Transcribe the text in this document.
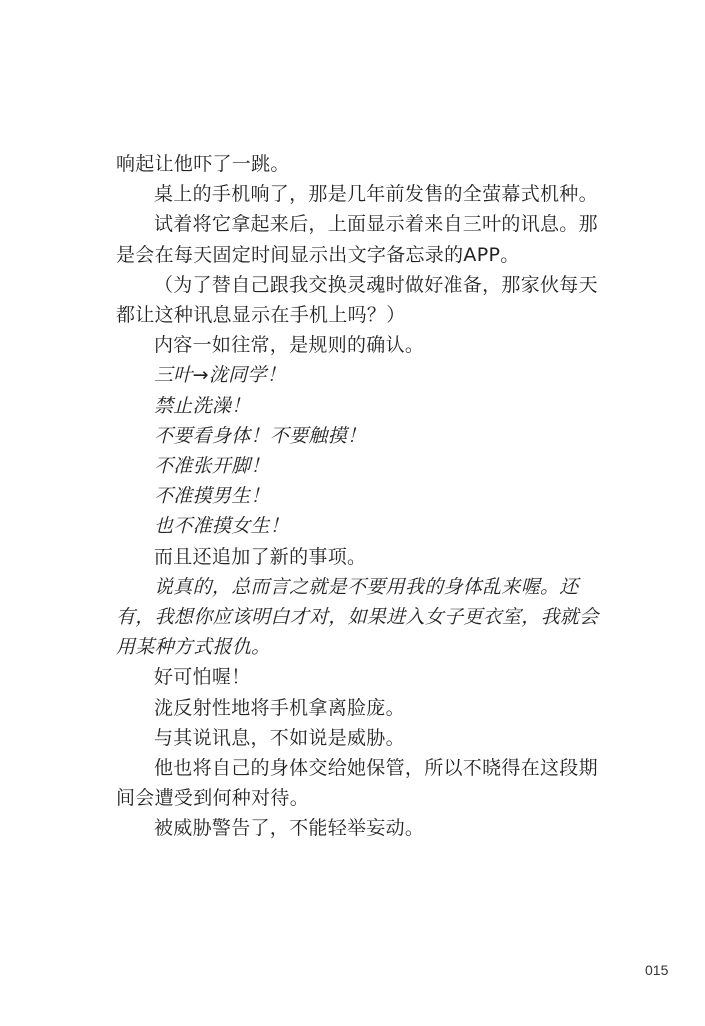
响起让他吓了一跳。

桌上的手机响了，那是几年前发售的全萤幕式机种。

试着将它拿起来后，上面显示着来自三叶的讯息。那是会在每天固定时间显示出文字备忘录的APP。

（为了替自己跟我交换灵魂时做好准备，那家伙每天都让这种讯息显示在手机上吗？）

内容一如往常，是规则的确认。

三叶→泷同学！

禁止洗澡！

不要看身体！不要触摸！

不准张开脚！

不准摸男生！

也不准摸女生！

而且还追加了新的事项。

说真的，总而言之就是不要用我的身体乱来喔。还有，我想你应该明白才对，如果进入女子更衣室，我就会用某种方式报仇。

好可怕喔！

泷反射性地将手机拿离脸庞。

与其说讯息，不如说是威胁。

他也将自己的身体交给她保管，所以不晓得在这段期间会遭受到何种对待。

被威胁警告了，不能轻举妄动。

015
